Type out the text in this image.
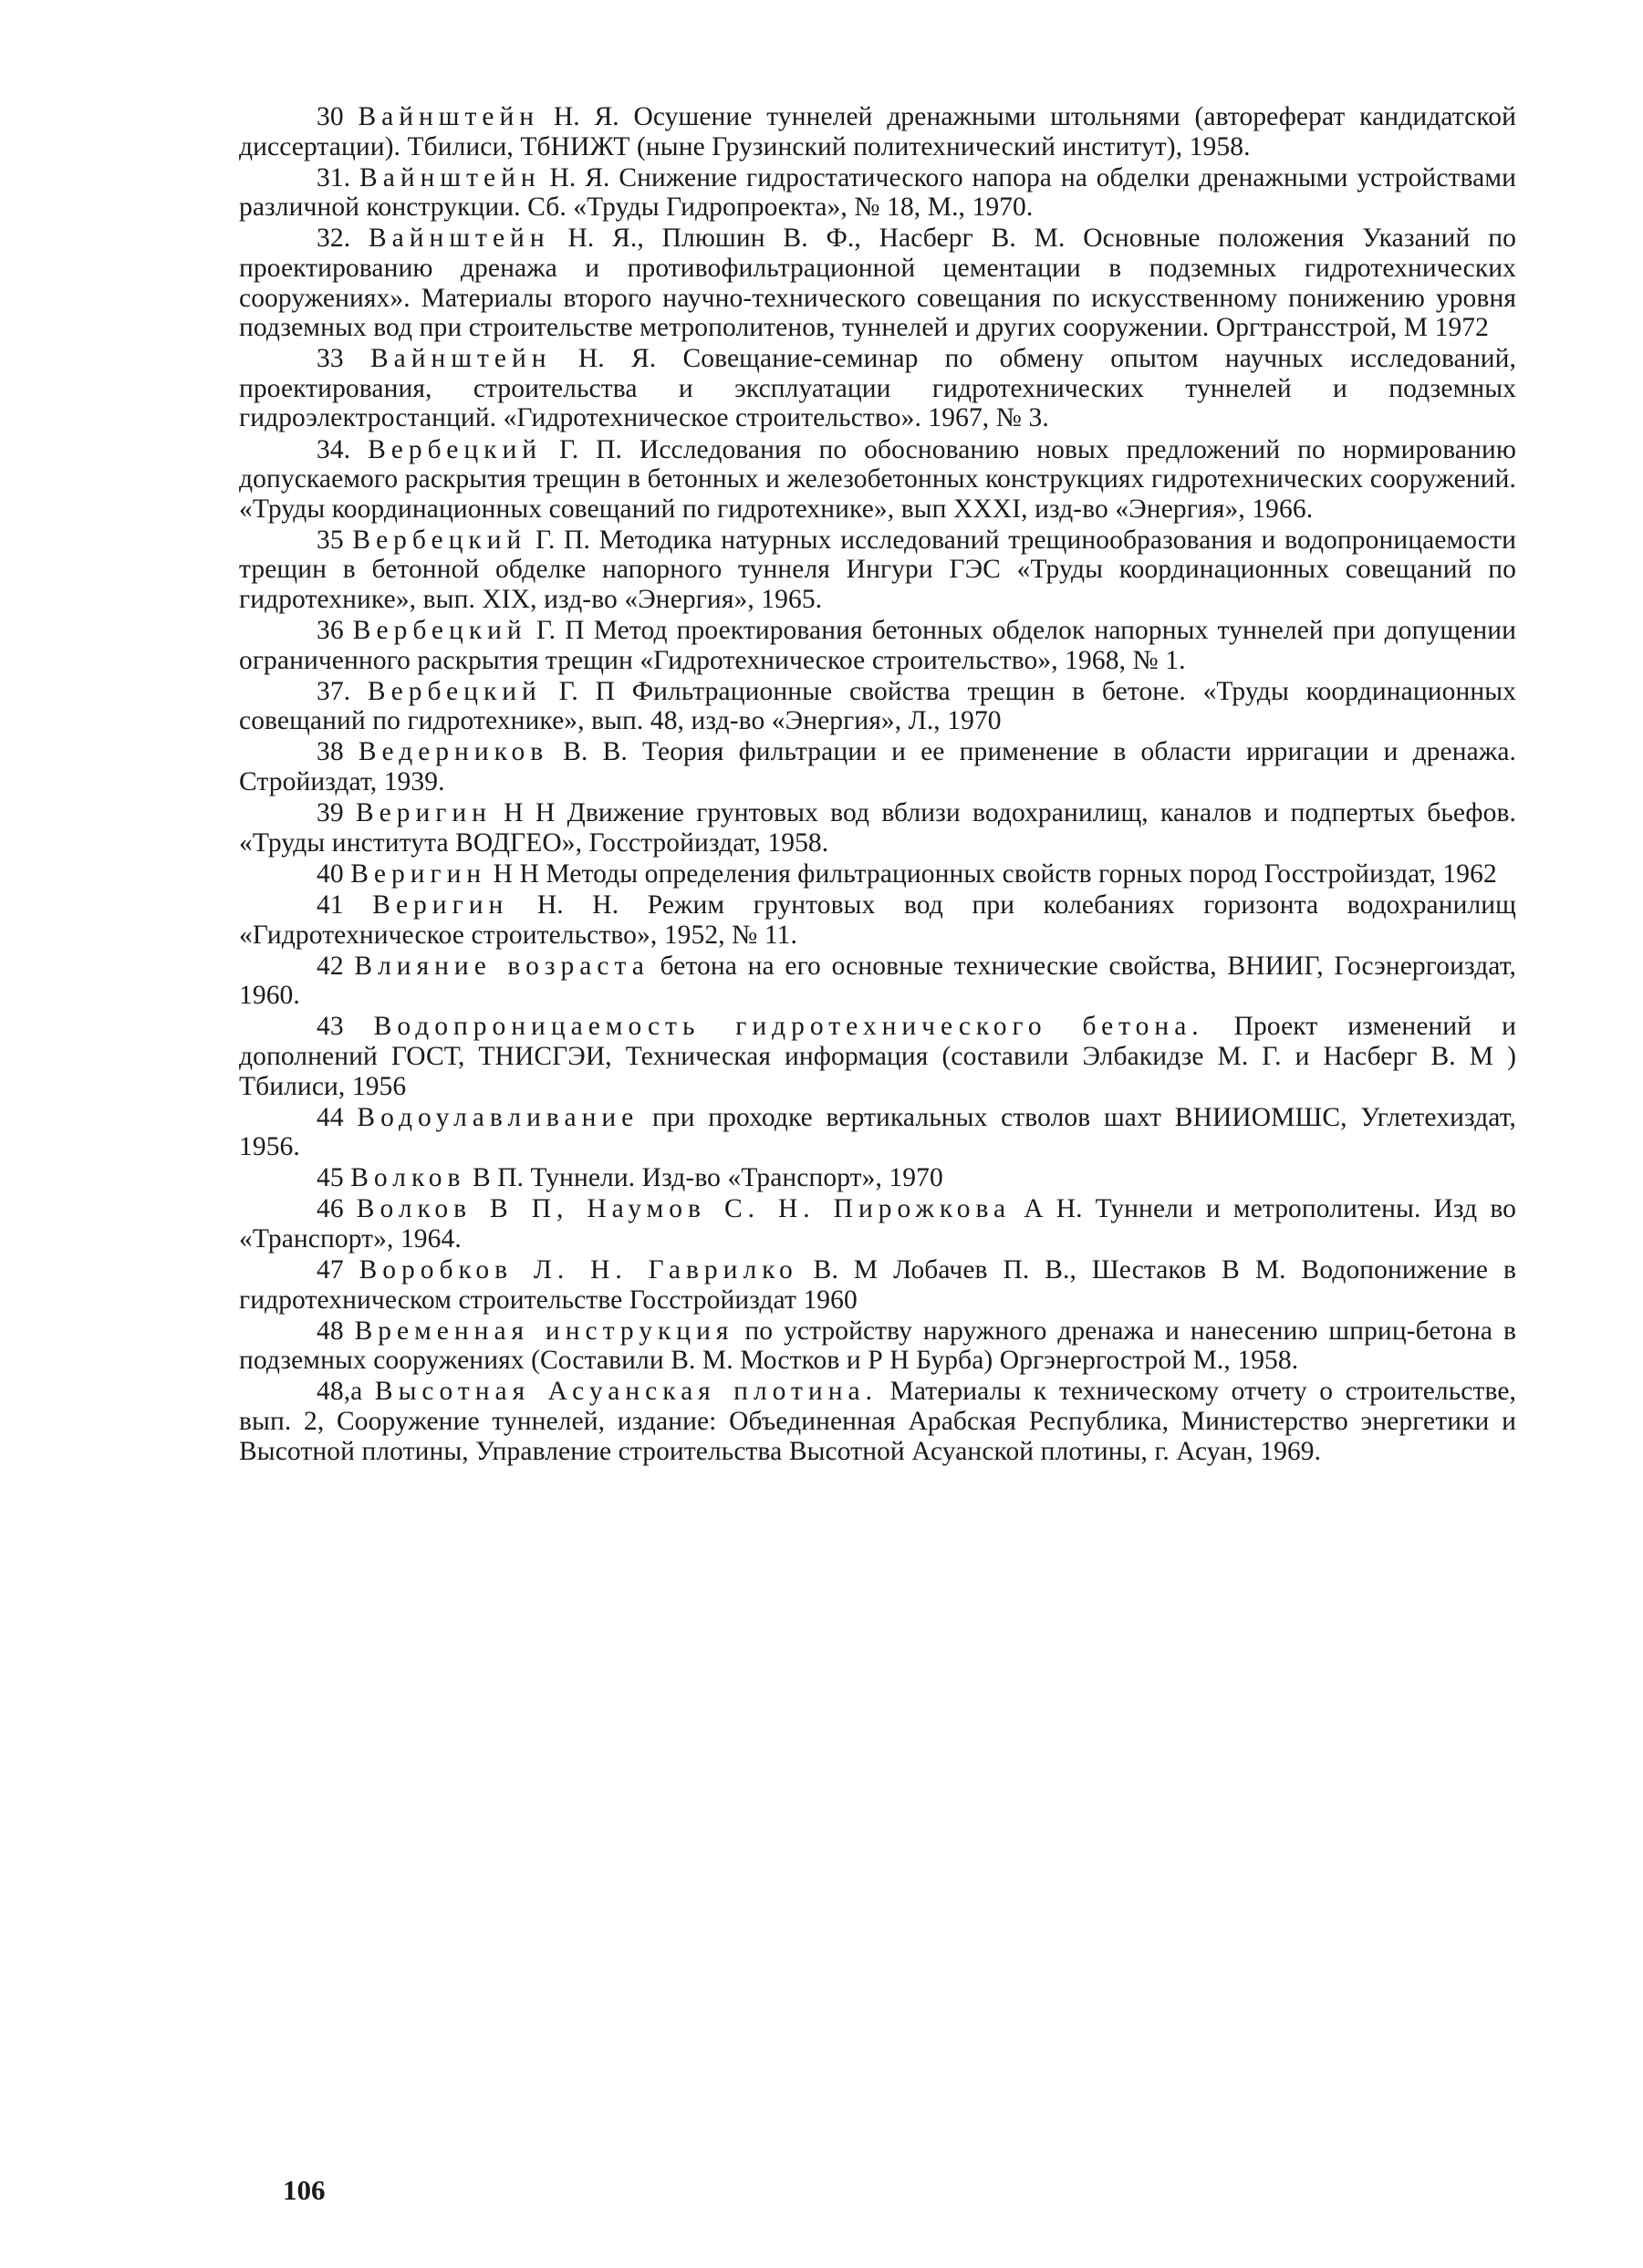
30 Вайнштейн Н. Я. Осушение туннелей дренажными штольнями (автореферат кандидатской диссертации). Тбилиси, ТбНИЖТ (ныне Грузинский политехнический институт), 1958.

31. Вайнштейн Н. Я. Снижение гидростатического напора на обделки дренажными устройствами различной конструкции. Сб. «Труды Гидропроекта», № 18, М., 1970.

32. Вайнштейн Н. Я., Плюшин В. Ф., Насберг В. М. Основные положения Указаний по проектированию дренажа и противофильтрационной цементации в подземных гидротехнических сооружениях». Материалы второго научно-технического совещания по искусственному понижению уровня подземных вод при строительстве метрополитенов, туннелей и других сооружении. Оргтрансстрой, М 1972

33 Вайнштейн Н. Я. Совещание-семинар по обмену опытом научных исследований, проектирования, строительства и эксплуатации гидротехнических туннелей и подземных гидроэлектростанций. «Гидротехническое строительство». 1967, № 3.

34. Вербецкий Г. П. Исследования по обоснованию новых предложений по нормированию допускаемого раскрытия трещин в бетонных и железобетонных конструкциях гидротехнических сооружений. «Труды координационных совещаний по гидротехнике», вып XXXI, изд-во «Энергия», 1966.

35 Вербецкий Г. П. Методика натурных исследований трещинообразования и водопроницаемости трещин в бетонной обделке напорного туннеля Ингури ГЭС «Труды координационных совещаний по гидротехнике», вып. XIX, изд-во «Энергия», 1965.

36 Вербецкий Г. П Метод проектирования бетонных обделок напорных туннелей при допущении ограниченного раскрытия трещин «Гидротехническое строительство», 1968, № 1.

37. Вербецкий Г. П Фильтрационные свойства трещин в бетоне. «Труды координационных совещаний по гидротехнике», вып. 48, изд-во «Энергия», Л., 1970

38 Ведерников В. В. Теория фильтрации и ее применение в области ирригации и дренажа. Стройиздат, 1939.

39 Веригин Н Н Движение грунтовых вод вблизи водохранилищ, каналов и подпертых бьефов. «Труды института ВОДГЕО», Госстройиздат, 1958.

40 Веригин Н Н Методы определения фильтрационных свойств горных пород Госстройиздат, 1962

41 Веригин Н. Н. Режим грунтовых вод при колебаниях горизонта водохранилищ «Гидротехническое строительство», 1952, № 11.

42 Влияние возраста бетона на его основные технические свойства, ВНИИГ, Госэнергоиздат, 1960.

43 Водопроницаемость гидротехнического бетона. Проект изменений и дополнений ГОСТ, ТНИСГЭИ, Техническая информация (составили Элбакидзе М. Г. и Насберг В. М ) Тбилиси, 1956

44 Водоулавливание при проходке вертикальных стволов шахт ВНИИОМШС, Углетехиздат, 1956.

45 Волков В П. Туннели. Изд-во «Транспорт», 1970

46 Волков В П, Наумов С. Н. Пирожкова А Н. Туннели и метрополитены. Изд во «Транспорт», 1964.

47 Воробков Л. Н. Гаврилко В. М Лобачев П. В., Шестаков В М. Водопонижение в гидротехническом строительстве Госстройиздат 1960

48 Временная инструкция по устройству наружного дренажа и нанесению шприц-бетона в подземных сооружениях (Составили В. М. Мостков и Р Н Бурба) Оргэнергострой М., 1958.

48,a Высотная Асуанская плотина. Материалы к техническому отчету о строительстве, вып. 2, Сооружение туннелей, издание: Объединенная Арабская Республика, Министерство энергетики и Высотной плотины, Управление строительства Высотной Асуанской плотины, г. Асуан, 1969.

106
